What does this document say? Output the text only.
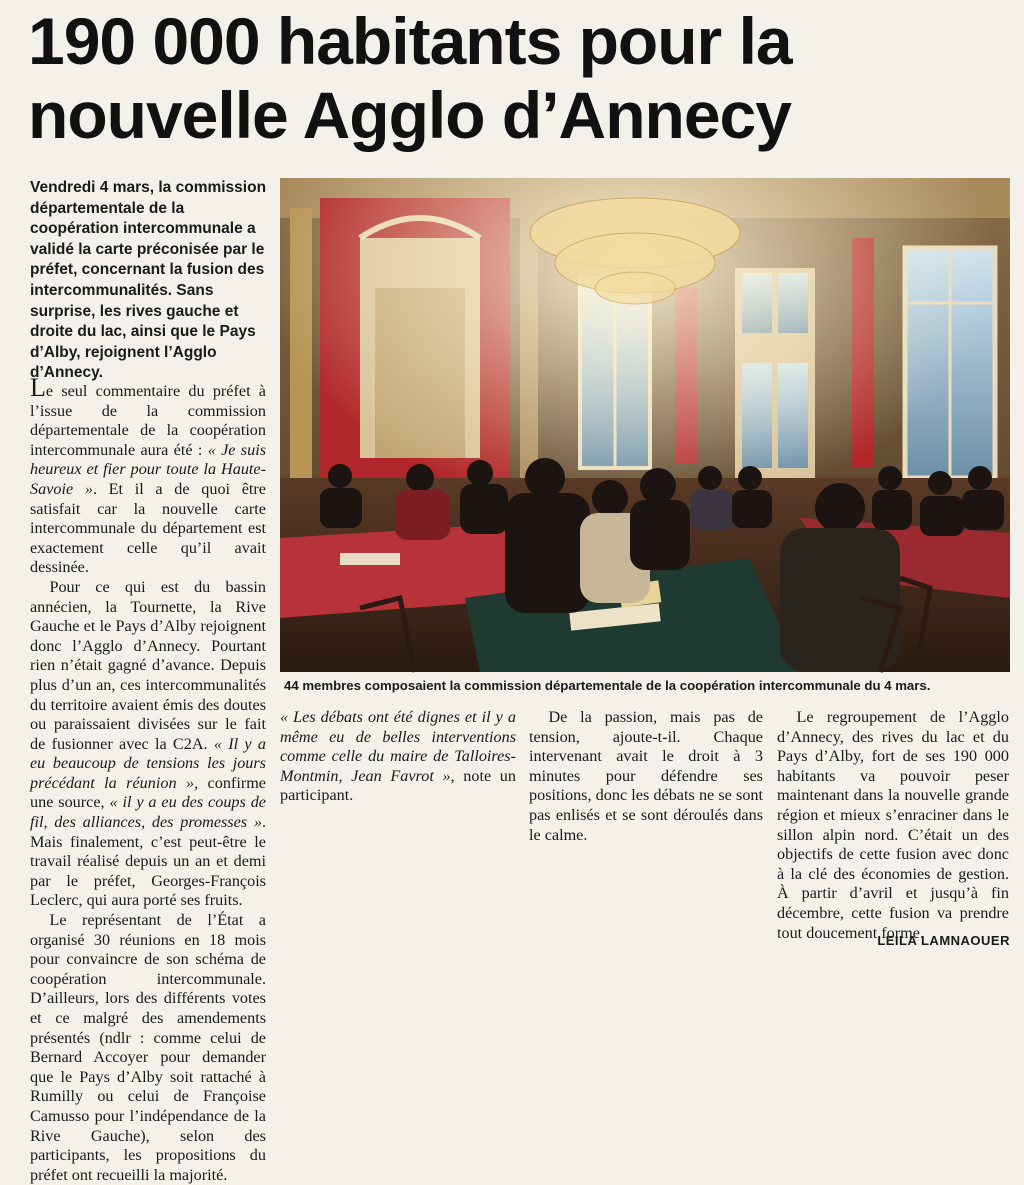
190 000 habitants pour la
nouvelle Agglo d’Annecy
Vendredi 4 mars, la commission départementale de la coopération intercommunale a validé la carte préconisée par le préfet, concernant la fusion des intercommunalités. Sans surprise, les rives gauche et droite du lac, ainsi que le Pays d’Alby, rejoignent l’Agglo d’Annecy.
44 membres composaient la commission départementale de la coopération intercommunale du 4 mars.

Le seul commentaire du préfet à l’issue de la commission départementale de la coopération intercommunale aura été : « Je suis heureux et fier pour toute la Haute-Savoie ». Et il a de quoi être satisfait car la nouvelle carte intercommunale du département est exactement celle qu’il avait dessinée.

Pour ce qui est du bassin annécien, la Tournette, la Rive Gauche et le Pays d’Alby rejoignent donc l’Agglo d’Annecy. Pourtant rien n’était gagné d’avance. Depuis plus d’un an, ces intercommunalités du territoire avaient émis des doutes ou paraissaient divisées sur le fait de fusionner avec la C2A. « Il y a eu beaucoup de tensions les jours précédant la réunion », confirme une source, « il y a eu des coups de fil, des alliances, des promesses ». Mais finalement, c’est peut-être le travail réalisé depuis un an et demi par le préfet, Georges-François Leclerc, qui aura porté ses fruits.

Le représentant de l’État a organisé 30 réunions en 18 mois pour convaincre de son schéma de coopération intercommunale. D’ailleurs, lors des différents votes et ce malgré des amendements présentés (ndlr : comme celui de Bernard Accoyer pour demander que le Pays d’Alby soit rattaché à Rumilly ou celui de Françoise Camusso pour l’indépendance de la Rive Gauche), selon des participants, les propositions du préfet ont recueilli la majorité.

« Les débats ont été dignes et il y a même eu de belles interventions comme celle du maire de Talloires-Montmin, Jean Favrot », note un participant.

De la passion, mais pas de tension, ajoute-t-il. Chaque intervenant avait le droit à 3 minutes pour défendre ses positions, donc les débats ne se sont pas enlisés et se sont déroulés dans le calme.

Le regroupement de l’Agglo d’Annecy, des rives du lac et du Pays d’Alby, fort de ses 190 000 habitants va pouvoir peser maintenant dans la nouvelle grande région et mieux s’enraciner dans le sillon alpin nord. C’était un des objectifs de cette fusion avec donc à la clé des économies de gestion. À partir d’avril et jusqu’à fin décembre, cette fusion va prendre tout doucement forme.

LEILA LAMNAOUER
